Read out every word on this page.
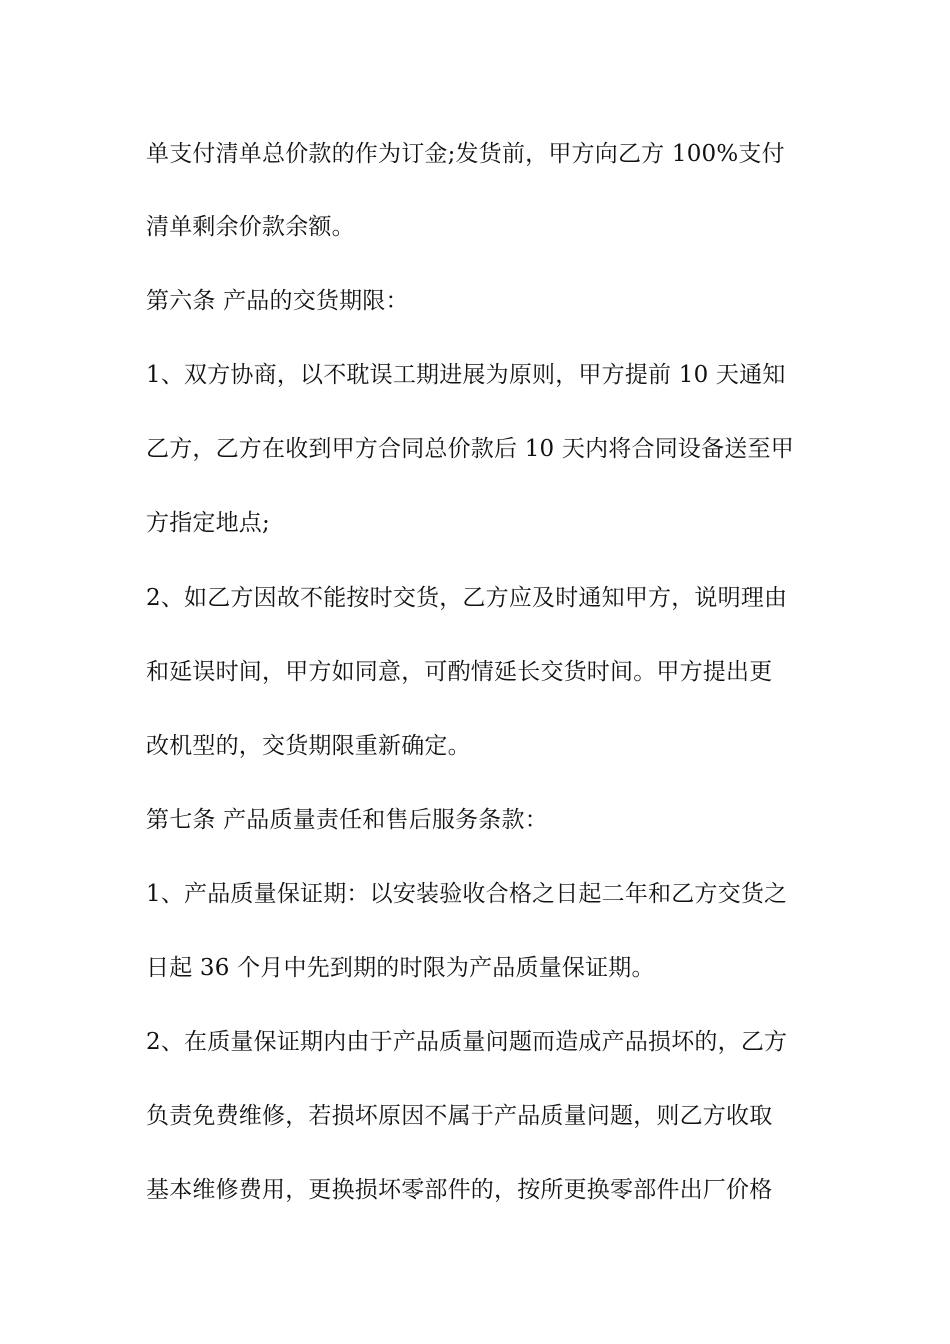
单支付清单总价款的作为订金;发货前，甲方向乙方 100%支付
清单剩余价款余额。
第六条 产品的交货期限：
1、双方协商，以不耽误工期进展为原则，甲方提前 10 天通知
乙方，乙方在收到甲方合同总价款后 10 天内将合同设备送至甲
方指定地点;
2、如乙方因故不能按时交货，乙方应及时通知甲方，说明理由
和延误时间，甲方如同意，可酌情延长交货时间。甲方提出更
改机型的，交货期限重新确定。
第七条 产品质量责任和售后服务条款：
1、产品质量保证期：以安装验收合格之日起二年和乙方交货之
日起 36 个月中先到期的时限为产品质量保证期。
2、在质量保证期内由于产品质量问题而造成产品损坏的，乙方
负责免费维修，若损坏原因不属于产品质量问题，则乙方收取
基本维修费用，更换损坏零部件的，按所更换零部件出厂价格
